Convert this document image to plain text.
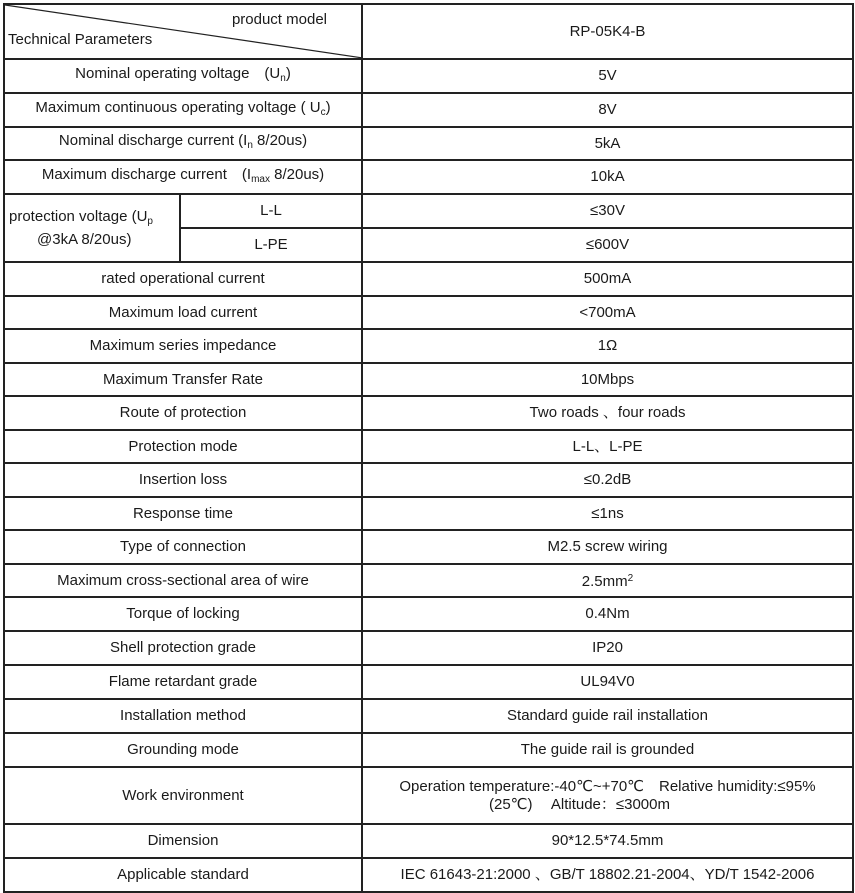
product model
Technical Parameters		RP-05K4-B
Nominal operating voltage　$(U_n)$		5V
Maximum continuous operating voltage ( $U_c$)		8V
Nominal discharge current ($I_n$ 8/20us)		5kA
Maximum discharge current　($I_{max}$ 8/20us)		10kA
protection voltage ($U_p$
@3kA 8/20us)	L-L	≤30V
	L-PE	≤600V
rated operational current		500mA
Maximum load current		<700mA
Maximum series impedance		1Ω
Maximum Transfer Rate		10Mbps
Route of protection		Two roads 、four roads
Protection mode		L-L、L-PE
Insertion loss		≤0.2dB
Response time		≤1ns
Type of connection		M2.5 screw wiring
Maximum cross-sectional area of wire		$2.5mm^2$
Torque of locking		0.4Nm
Shell protection grade		IP20
Flame retardant grade		UL94V0
Installation method		Standard guide rail installation
Grounding mode		The guide rail is grounded
Work environment		Operation temperature:-40℃~+70℃　Relative humidity:≤95%
(25℃)　 Altitude：≤3000m

Dimension		90*12.5*74.5mm
Applicable standard		IEC 61643-21:2000 、GB/T 18802.21-2004、YD/T 1542-2006
